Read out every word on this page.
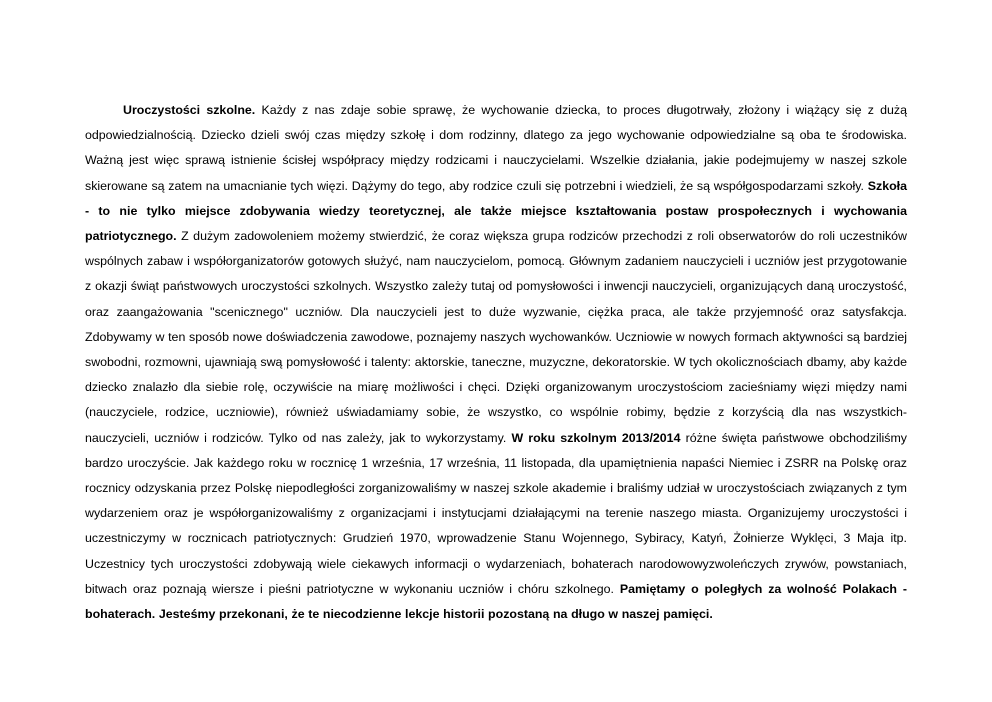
Uroczystości szkolne. Każdy z nas zdaje sobie sprawę, że wychowanie dziecka, to proces długotrwały, złożony i wiążący się z dużą odpowiedzialnością. Dziecko dzieli swój czas między szkołę i dom rodzinny, dlatego za jego wychowanie odpowiedzialne są oba te środowiska. Ważną jest więc sprawą istnienie ścisłej współpracy między rodzicami i nauczycielami. Wszelkie działania, jakie podejmujemy w naszej szkole skierowane są zatem na umacnianie tych więzi. Dążymy do tego, aby rodzice czuli się potrzebni i wiedzieli, że są współgospodarzami szkoły. Szkoła - to nie tylko miejsce zdobywania wiedzy teoretycznej, ale także miejsce kształtowania postaw prospołecznych i wychowania patriotycznego. Z dużym zadowoleniem możemy stwierdzić, że coraz większa grupa rodziców przechodzi z roli obserwatorów do roli uczestników wspólnych zabaw i współorganizatorów gotowych służyć, nam nauczycielom, pomocą. Głównym zadaniem nauczycieli i uczniów jest przygotowanie z okazji świąt państwowych uroczystości szkolnych. Wszystko zależy tutaj od pomysłowości i inwencji nauczycieli, organizujących daną uroczystość, oraz zaangażowania "scenicznego" uczniów. Dla nauczycieli jest to duże wyzwanie, ciężka praca, ale także przyjemność oraz satysfakcja. Zdobywamy w ten sposób nowe doświadczenia zawodowe, poznajemy naszych wychowanków. Uczniowie w nowych formach aktywności są bardziej swobodni, rozmowni, ujawniają swą pomysłowość i talenty: aktorskie, taneczne, muzyczne, dekoratorskie. W tych okolicznościach dbamy, aby każde dziecko znalazło dla siebie rolę, oczywiście na miarę możliwości i chęci. Dzięki organizowanym uroczystościom zacieśniamy więzi między nami (nauczyciele, rodzice, uczniowie), również uświadamiamy sobie, że wszystko, co wspólnie robimy, będzie z korzyścią dla nas wszystkich- nauczycieli, uczniów i rodziców. Tylko od nas zależy, jak to wykorzystamy. W roku szkolnym 2013/2014 różne święta państwowe obchodziliśmy bardzo uroczyście. Jak każdego roku w rocznicę 1 września, 17 września, 11 listopada, dla upamiętnienia napaści Niemiec i ZSRR na Polskę oraz rocznicy odzyskania przez Polskę niepodległości zorganizowaliśmy w naszej szkole akademie i braliśmy udział w uroczystościach związanych z tym wydarzeniem oraz je współorganizowaliśmy z organizacjami i instytucjami działającymi na terenie naszego miasta. Organizujemy uroczystości i uczestniczymy w rocznicach patriotycznych: Grudzień 1970, wprowadzenie Stanu Wojennego, Sybiracy, Katyń, Żołnierze Wyklęci, 3 Maja itp. Uczestnicy tych uroczystości zdobywają wiele ciekawych informacji o wydarzeniach, bohaterach narodowowyzwoleńczych zrywów, powstaniach, bitwach oraz poznają wiersze i pieśni patriotyczne w wykonaniu uczniów i chóru szkolnego. Pamiętamy o poległych za wolność Polakach - bohaterach. Jesteśmy przekonani, że te niecodzienne lekcje historii pozostaną na długo w naszej pamięci.
